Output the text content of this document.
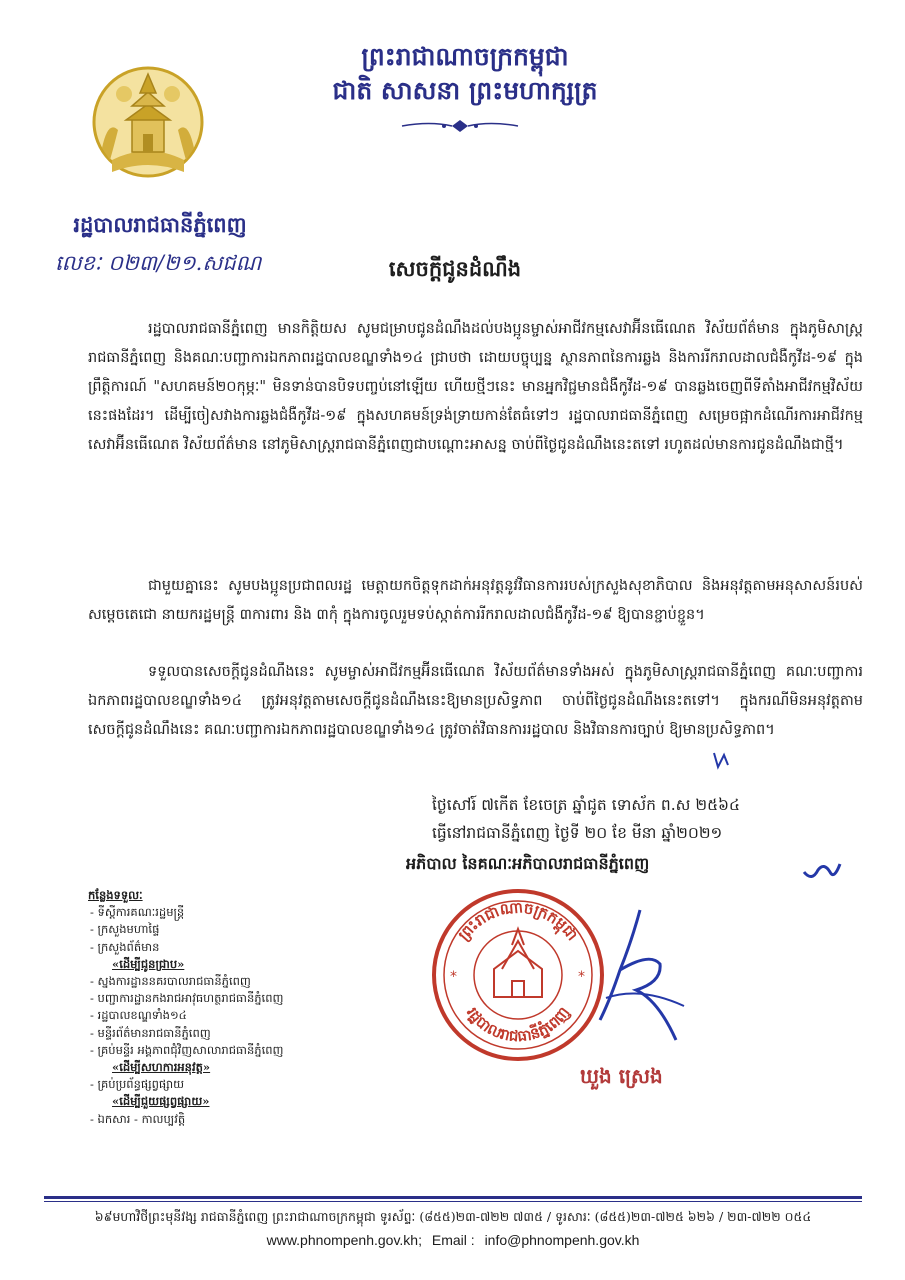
ព្រះរាជាណាចក្រកម្ពុជា
ជាតិ សាសនា ព្រះមហាក្សត្រ
រដ្ឋបាលរាជធានីភ្នំពេញ
លេខៈ ០២៣/២១.សជណ	សេចក្ដីជូនដំណឹង
រដ្ឋបាលរាជធានីភ្នំពេញ មានកិត្តិយស សូមជម្រាបជូនដំណឹងដល់បងប្អូនម្ចាស់អាជីវកម្មសេវាអ៊ីនធើណេត វិស័យព័ត៌មាន ក្នុងភូមិសាស្ត្ររាជធានីភ្នំពេញ និងគណៈបញ្ជាការឯកភាពរដ្ឋបាលខណ្ឌទាំង១៤ ជ្រាបថា ដោយបច្ចុប្បន្ន ស្ថានភាពនៃការឆ្លង និងការរីករាលដាលជំងឺកូវីដ-១៩ ក្នុងព្រឹត្តិការណ៍ "សហគមន៍២០កុម្ភៈ" មិនទាន់បានបិទបញ្ចប់នៅឡើយ ហើយថ្មីៗនេះ មានអ្នកវិជ្ជមានជំងឺកូវីដ-១៩ បានឆ្លងចេញពីទីតាំងអាជីវកម្មវិស័យនេះផងដែរ។ ដើម្បីចៀសវាងការឆ្លងជំងឺកូវីដ-១៩ ក្នុងសហគមន៍ទ្រង់ទ្រាយកាន់តែធំទៅៗ រដ្ឋបាលរាជធានីភ្នំពេញ សម្រេចផ្អាកដំណើរការអាជីវកម្មសេវាអ៊ីនធើណេត វិស័យព័ត៌មាន នៅភូមិសាស្ត្ររាជធានីភ្នំពេញជាបណ្ដោះអាសន្ន ចាប់ពីថ្ងៃជូនដំណឹងនេះតទៅ រហូតដល់មានការជូនដំណឹងជាថ្មី។
ជាមួយគ្នានេះ សូមបងប្អូនប្រជាពលរដ្ឋ មេត្តាយកចិត្តទុកដាក់អនុវត្តនូវវិធានការរបស់ក្រសួងសុខាភិបាល និងអនុវត្តតាមអនុសាសន៍របស់ សម្ដេចតេជោ នាយករដ្ឋមន្ត្រី ៣ការពារ និង ៣កុំ ក្នុងការចូលរួមទប់ស្កាត់ការរីករាលដាលជំងឺកូវីដ-១៩ ឱ្យបានខ្ជាប់ខ្ជួន។
ទទួលបានសេចក្ដីជូនដំណឹងនេះ សូមម្ចាស់អាជីវកម្មអ៊ីនធើណេត វិស័យព័ត៌មានទាំងអស់ ក្នុងភូមិសាស្ត្ររាជធានីភ្នំពេញ គណៈបញ្ជាការឯកភាពរដ្ឋបាលខណ្ឌទាំង១៤ ត្រូវអនុវត្តតាមសេចក្ដីជូនដំណឹងនេះឱ្យមានប្រសិទ្ធភាព ចាប់ពីថ្ងៃជូនដំណឹងនេះតទៅ។ ក្នុងករណីមិនអនុវត្តតាមសេចក្ដីជូនដំណឹងនេះ គណៈបញ្ជាការឯកភាពរដ្ឋបាលខណ្ឌទាំង១៤ ត្រូវចាត់វិធានការរដ្ឋបាល និងវិធានការច្បាប់ ឱ្យមានប្រសិទ្ធភាព។
ថ្ងៃសៅរ៍ ៧កើត ខែចេត្រ ឆ្នាំជូត ទោស័ក ព.ស ២៥៦៤
ធ្វើនៅរាជធានីភ្នំពេញ ថ្ងៃទី ២០ ខែ មីនា ឆ្នាំ២០២១
អភិបាល នៃគណៈអភិបាលរាជធានីភ្នំពេញ
ព្រះរាជាណាចក្រកម្ពុជា
រដ្ឋបាលរាជធានីភ្នំពេញ
*	*
ឃួង ស្រេង
កន្លែងទទួលៈ
- ទីស្ដីការគណៈរដ្ឋមន្ត្រី
- ក្រសួងមហាផ្ទៃ
- ក្រសួងព័ត៌មាន
«ដើម្បីជូនជ្រាប»
- ស្នងការដ្ឋាននគរបាលរាជធានីភ្នំពេញ
- បញ្ជាការដ្ឋានកងរាជអាវុធហត្ថរាជធានីភ្នំពេញ
- រដ្ឋបាលខណ្ឌទាំង១៤
- មន្ទីរព័ត៌មានរាជធានីភ្នំពេញ
- គ្រប់មន្ទីរ អង្គភាពជុំវិញសាលារាជធានីភ្នំពេញ
«ដើម្បីសហការអនុវត្ត»
- គ្រប់ប្រព័ន្ធផ្សព្វផ្សាយ
«ដើម្បីជួយផ្សព្វផ្សាយ»
- ឯកសារ - កាលប្បវត្តិ
៦៩មហាវិថីព្រះមុនីវង្ស រាជធានីភ្នំពេញ ព្រះរាជាណាចក្រកម្ពុជា ទូរស័ព្ទៈ (៨៥៥)២៣-៧២២ ៧៣៥ / ទូរសារៈ (៨៥៥)២៣-៧២៥ ៦២៦ / ២៣-៧២២ ០៥៤
www.phnompenh.gov.kh; Email : info@phnompenh.gov.kh
